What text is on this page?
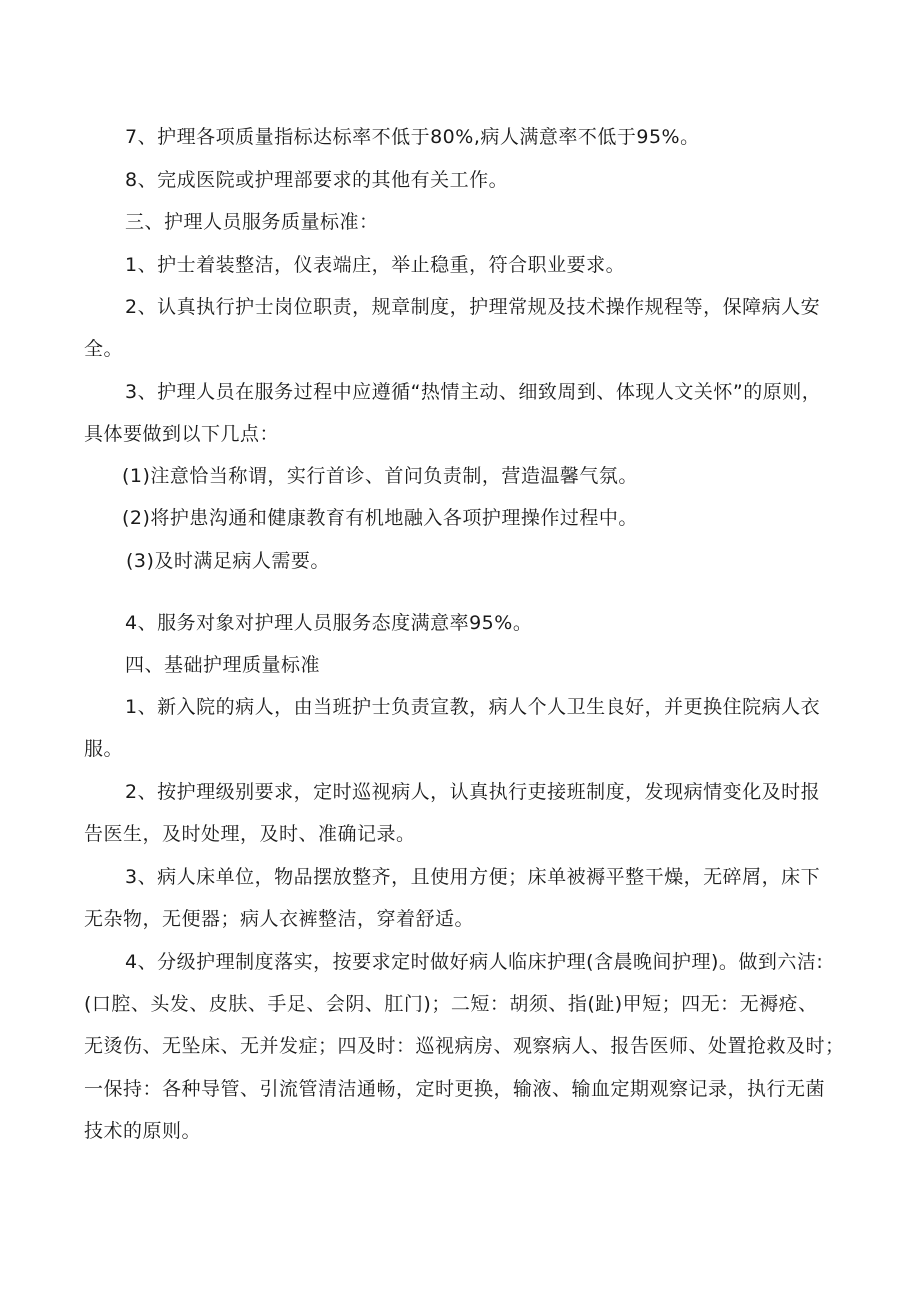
7、护理各项质量指标达标率不低于80%,病人满意率不低于95%。
8、完成医院或护理部要求的其他有关工作。
三、护理人员服务质量标准：
1、护士着装整洁，仪表端庄，举止稳重，符合职业要求。
2、认真执行护士岗位职责，规章制度，护理常规及技术操作规程等，保障病人安
全。
3、护理人员在服务过程中应遵循“热情主动、细致周到、体现人文关怀”的原则，
具体要做到以下几点：
(1)注意恰当称谓，实行首诊、首问负责制，营造温馨气氛。
(2)将护患沟通和健康教育有机地融入各项护理操作过程中。
(3)及时满足病人需要。
4、服务对象对护理人员服务态度满意率95%。
四、基础护理质量标准
1、新入院的病人，由当班护士负责宣教，病人个人卫生良好，并更换住院病人衣
服。
2、按护理级别要求，定时巡视病人，认真执行吏接班制度，发现病情变化及时报
告医生，及时处理，及时、准确记录。
3、病人床单位，物品摆放整齐，且使用方便；床单被褥平整干燥，无碎屑，床下
无杂物，无便器；病人衣裤整洁，穿着舒适。
4、分级护理制度落实，按要求定时做好病人临床护理(含晨晚间护理)。做到六洁:
(口腔、头发、皮肤、手足、会阴、肛门)；二短：胡须、指(趾)甲短；四无：无褥疮、
无烫伤、无坠床、无并发症；四及时：巡视病房、观察病人、报告医师、处置抢救及时；
一保持：各种导管、引流管清洁通畅，定时更换，输液、输血定期观察记录，执行无菌
技术的原则。
